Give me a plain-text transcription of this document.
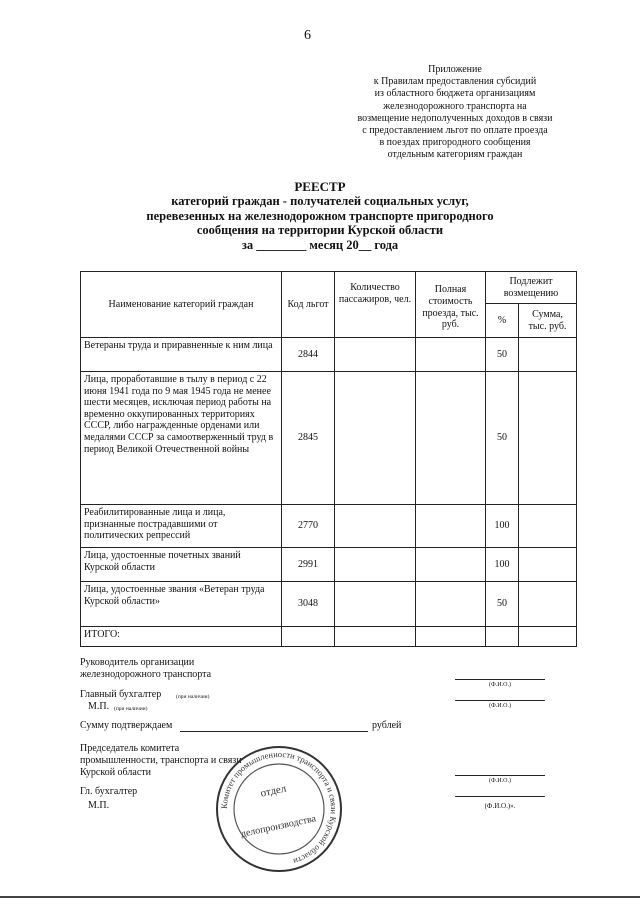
6
Приложение
к Правилам предоставления субсидий
из областного бюджета организациям
железнодорожного транспорта на
возмещение недополученных доходов в связи
с предоставлением льгот по оплате проезда
в поездах пригородного сообщения
отдельным категориям граждан
РЕЕСТР
категорий граждан - получателей социальных услуг,
перевезенных на железнодорожном транспорте пригородного
сообщения на территории Курской области
за ________ месяц 20__ года
Наименование категорий граждан	Код льгот	Количество пассажиров, чел.	Полная стоимость проезда, тыс. руб.	Подлежит возмещению	
				%	Сумма, тыс. руб.
Ветераны труда и приравненные к ним лица	2844			50	
Лица, проработавшие в тылу в период с 22 июня 1941 года по 9 мая 1945 года не менее шести месяцев, исключая период работы на временно оккупированных территориях СССР, либо награжденные орденами или медалями СССР за самоотверженный труд в период Великой Отечественной войны	2845			50	
Реабилитированные лица и лица, признанные пострадавшими от политических репрессий	2770			100	
Лица, удостоенные почетных званий Курской области	2991			100	
Лица, удостоенные звания «Ветеран труда Курской области»	3048			50	
ИТОГО:					
Руководитель организации
железнодорожного транспорта
(Ф.И.О.)
Главный бухгалтер	(при наличии)
(Ф.И.О.)
М.П. (при наличии)
Сумму подтверждаем	рублей
Председатель комитета
промышленности, транспорта и связи
Курской области
(Ф.И.О.)
Гл. бухгалтер
М.П.	(Ф.И.О.)».
Комитет промышленности транспорта и связи Курской области
отдел
делопроизводства
